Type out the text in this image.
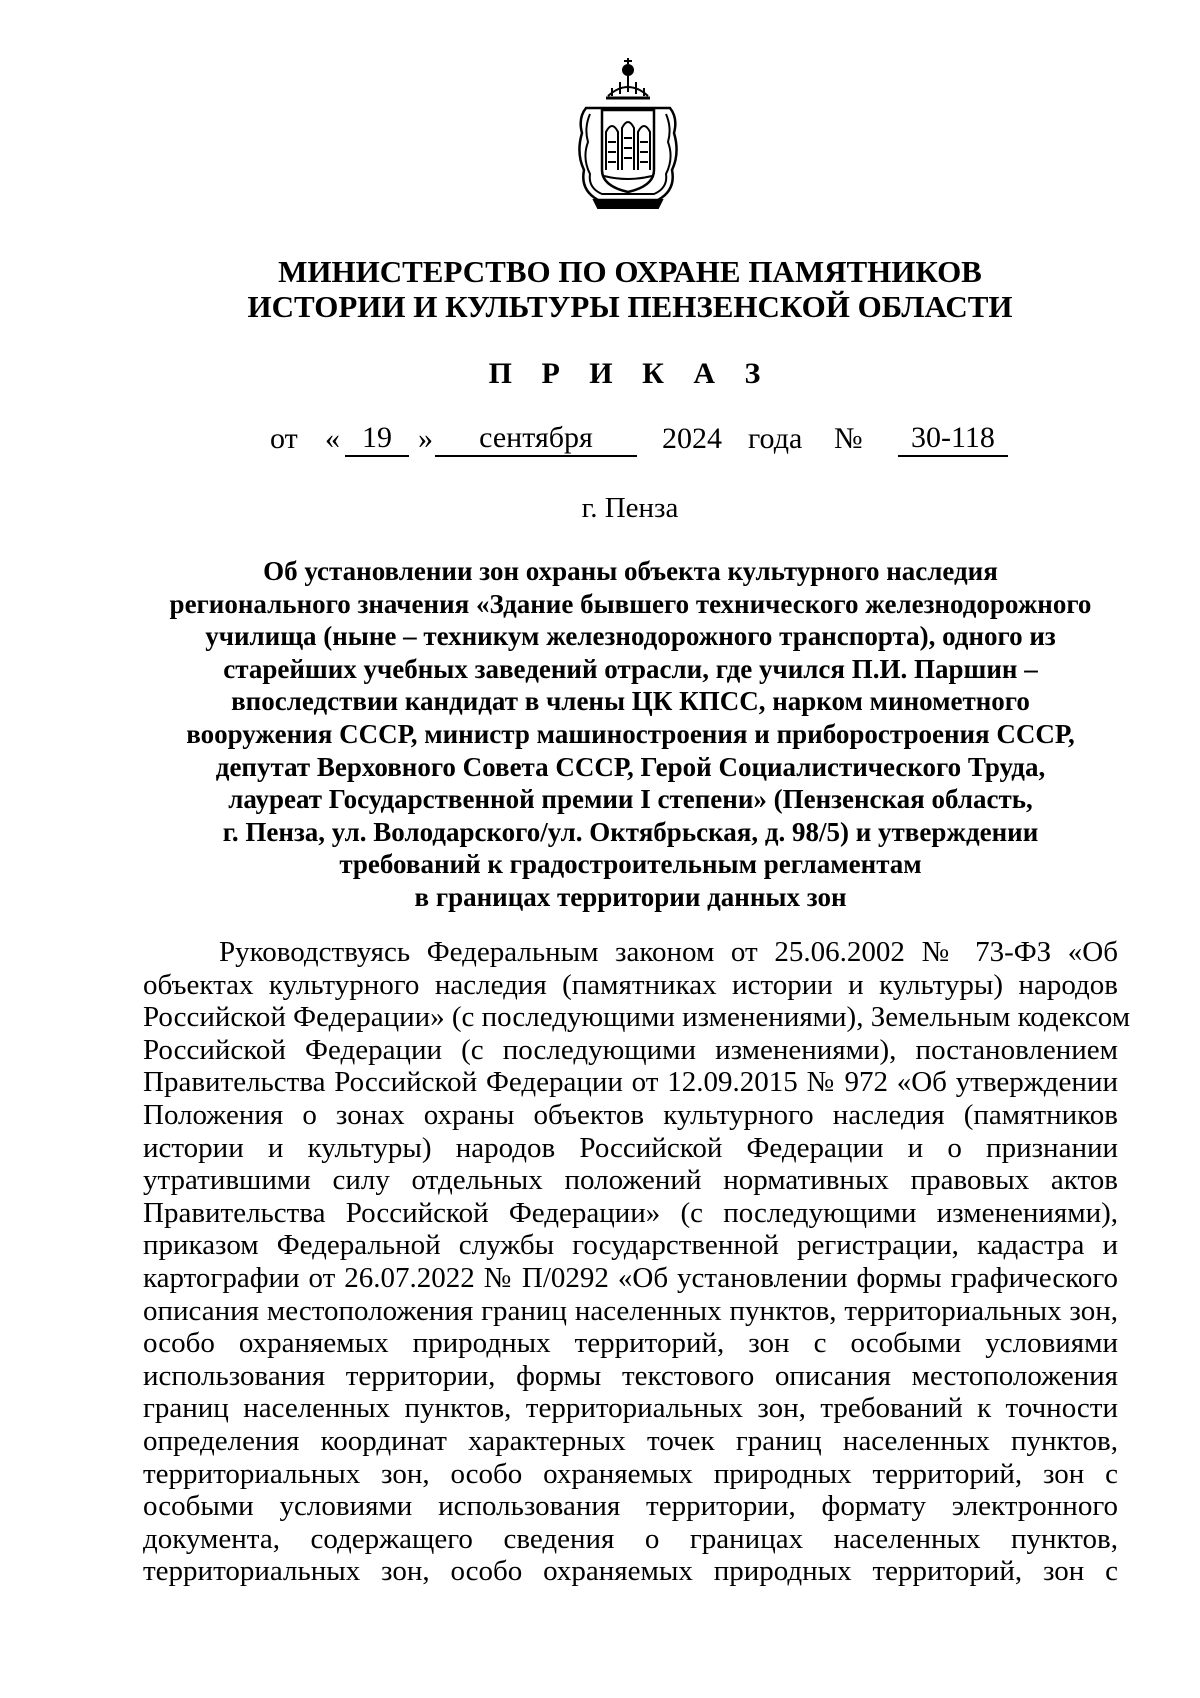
МИНИСТЕРСТВО ПО ОХРАНЕ ПАМЯТНИКОВ
ИСТОРИИ И КУЛЬТУРЫ ПЕНЗЕНСКОЙ ОБЛАСТИ
П Р И К А З
от « 19 »	сентября	2024 года №	30-118
г. Пенза
Об установлении зон охраны объекта культурного наследия
регионального значения «Здание бывшего технического железнодорожного
училища (ныне – техникум железнодорожного транспорта), одного из
старейших учебных заведений отрасли, где учился П.И. Паршин –
впоследствии кандидат в члены ЦК КПСС, нарком минометного
вооружения СССР, министр машиностроения и приборостроения СССР,
депутат Верховного Совета СССР, Герой Социалистического Труда,
лауреат Государственной премии I степени» (Пензенская область,
г. Пенза, ул. Володарского/ул. Октябрьская, д. 98/5) и утверждении
требований к градостроительным регламентам
в границах территории данных зон
Руководствуясь Федеральным законом от 25.06.2002 № 73-ФЗ «Об
объектах культурного наследия (памятниках истории и культуры) народов
Российской Федерации» (с последующими изменениями), Земельным кодексом
Российской Федерации (с последующими изменениями), постановлением
Правительства Российской Федерации от 12.09.2015 № 972 «Об утверждении
Положения о зонах охраны объектов культурного наследия (памятников
истории и культуры) народов Российской Федерации и о признании
утратившими силу отдельных положений нормативных правовых актов
Правительства Российской Федерации» (с последующими изменениями),
приказом Федеральной службы государственной регистрации, кадастра и
картографии от 26.07.2022 № П/0292 «Об установлении формы графического
описания местоположения границ населенных пунктов, территориальных зон,
особо охраняемых природных территорий, зон с особыми условиями
использования территории, формы текстового описания местоположения
границ населенных пунктов, территориальных зон, требований к точности
определения координат характерных точек границ населенных пунктов,
территориальных зон, особо охраняемых природных территорий, зон с
особыми условиями использования территории, формату электронного
документа, содержащего сведения о границах населенных пунктов,
территориальных зон, особо охраняемых природных территорий, зон с
